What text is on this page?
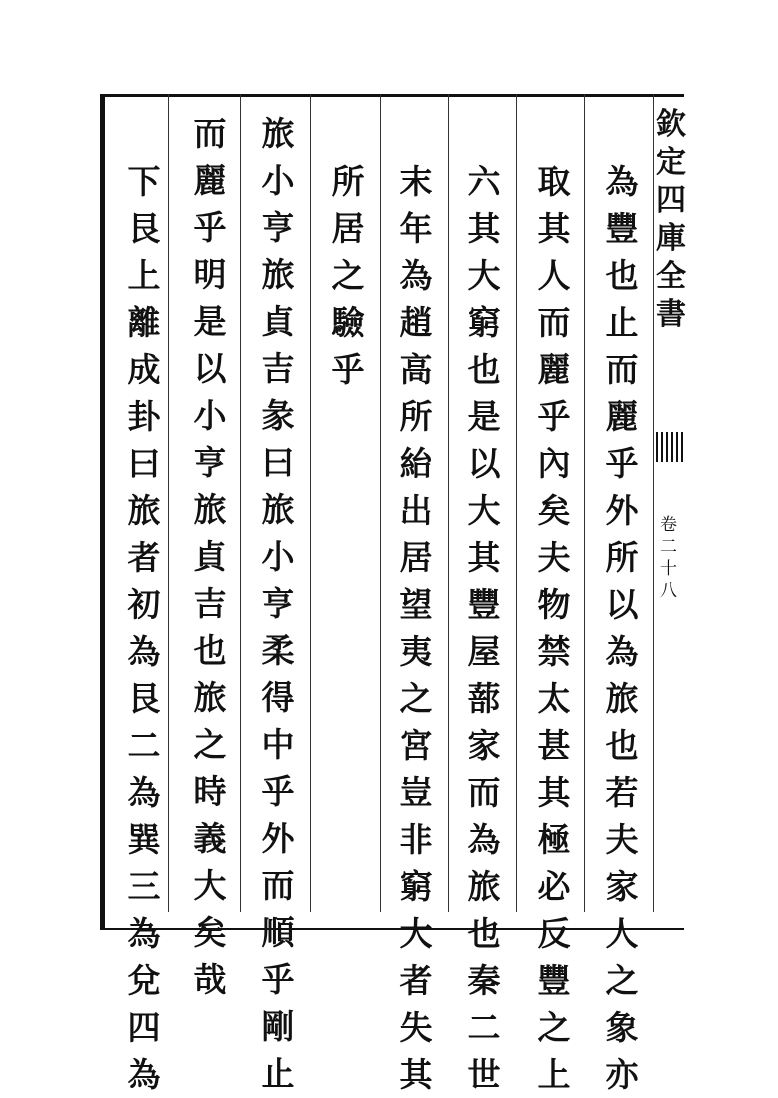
欽
定
四
庫
全
書
卷
二
十
八
為
豐
也
止
而
麗
乎
外
所
以
為
旅
也
若
夫
家
人
之
象
亦
取
其
人
而
麗
乎
內
矣
夫
物
禁
太
甚
其
極
必
反
豐
之
上
六
其
大
窮
也
是
以
大
其
豐
屋
蔀
家
而
為
旅
也
秦
二
世
末
年
為
趙
高
所
紿
出
居
望
夷
之
宮
豈
非
窮
大
者
失
其
所
居
之
驗
乎
旅
小
亨
旅
貞
吉
彖
曰
旅
小
亨
柔
得
中
乎
外
而
順
乎
剛
止
而
麗
乎
明
是
以
小
亨
旅
貞
吉
也
旅
之
時
義
大
矣
哉
下
艮
上
離
成
卦
曰
旅
者
初
為
艮
二
為
巽
三
為
兌
四
為
